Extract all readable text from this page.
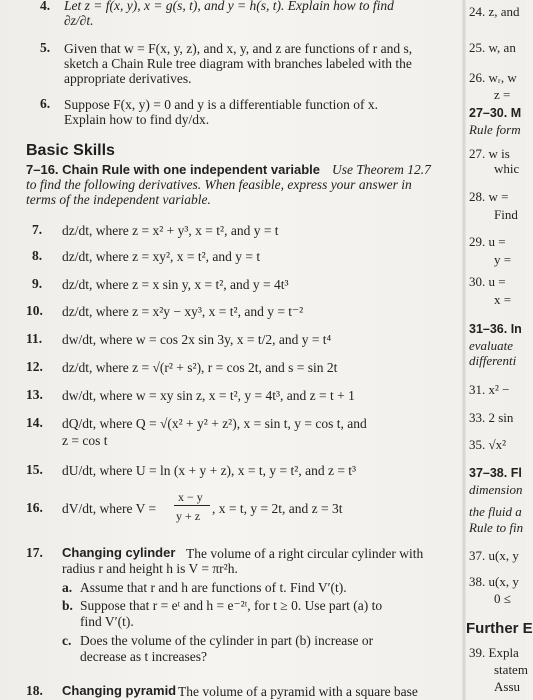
4. Let z = f(x, y), x = g(s, t), and y = h(s, t). Explain how to find
∂z/∂t.
5. Given that w = F(x, y, z), and x, y, and z are functions of r and s,
sketch a Chain Rule tree diagram with branches labeled with the
appropriate derivatives.
6. Suppose F(x, y) = 0 and y is a differentiable function of x.
Explain how to find dy/dx.
Basic Skills
7–16. Chain Rule with one independent variable Use Theorem 12.7
to find the following derivatives. When feasible, express your answer in
terms of the independent variable.
7. dz/dt, where z = x² + y³, x = t², and y = t
8. dz/dt, where z = xy², x = t², and y = t
9. dz/dt, where z = x sin y, x = t², and y = 4t³
10. dz/dt, where z = x²y − xy³, x = t², and y = t⁻²
11. dw/dt, where w = cos 2x sin 3y, x = t/2, and y = t⁴
12. dz/dt, where z = √(r² + s²), r = cos 2t, and s = sin 2t
13. dw/dt, where w = xy sin z, x = t², y = 4t³, and z = t + 1
14. dQ/dt, where Q = √(x² + y² + z²), x = sin t, y = cos t, and
z = cos t
15. dU/dt, where U = ln (x + y + z), x = t, y = t², and z = t³
16. dV/dt, where V =
x − y
y + z , x = t, y = 2t, and z = 3t
17. Changing cylinder The volume of a right circular cylinder with
radius r and height h is V = πr²h.
a. Assume that r and h are functions of t. Find V′(t).
b. Suppose that r = eᵗ and h = e⁻²ᵗ, for t ≥ 0. Use part (a) to
find V′(t).
c. Does the volume of the cylinder in part (b) increase or
decrease as t increases?
18. Changing pyramid The volume of a pyramid with a square base
24. z, and
25. w, an
26. wᵣ, w
z =
27–30. M
Rule form
27. w is
whic
28. w =
Find
29. u =
y =
30. u =
x =
31–36. In
evaluate
differenti
31. x² −
33. 2 sin
35. √x²
37–38. Fl
dimension
the fluid a
Rule to fin
37. u(x, y
38. u(x, y
0 ≤
Further E
39. Expla
statem
Assu
